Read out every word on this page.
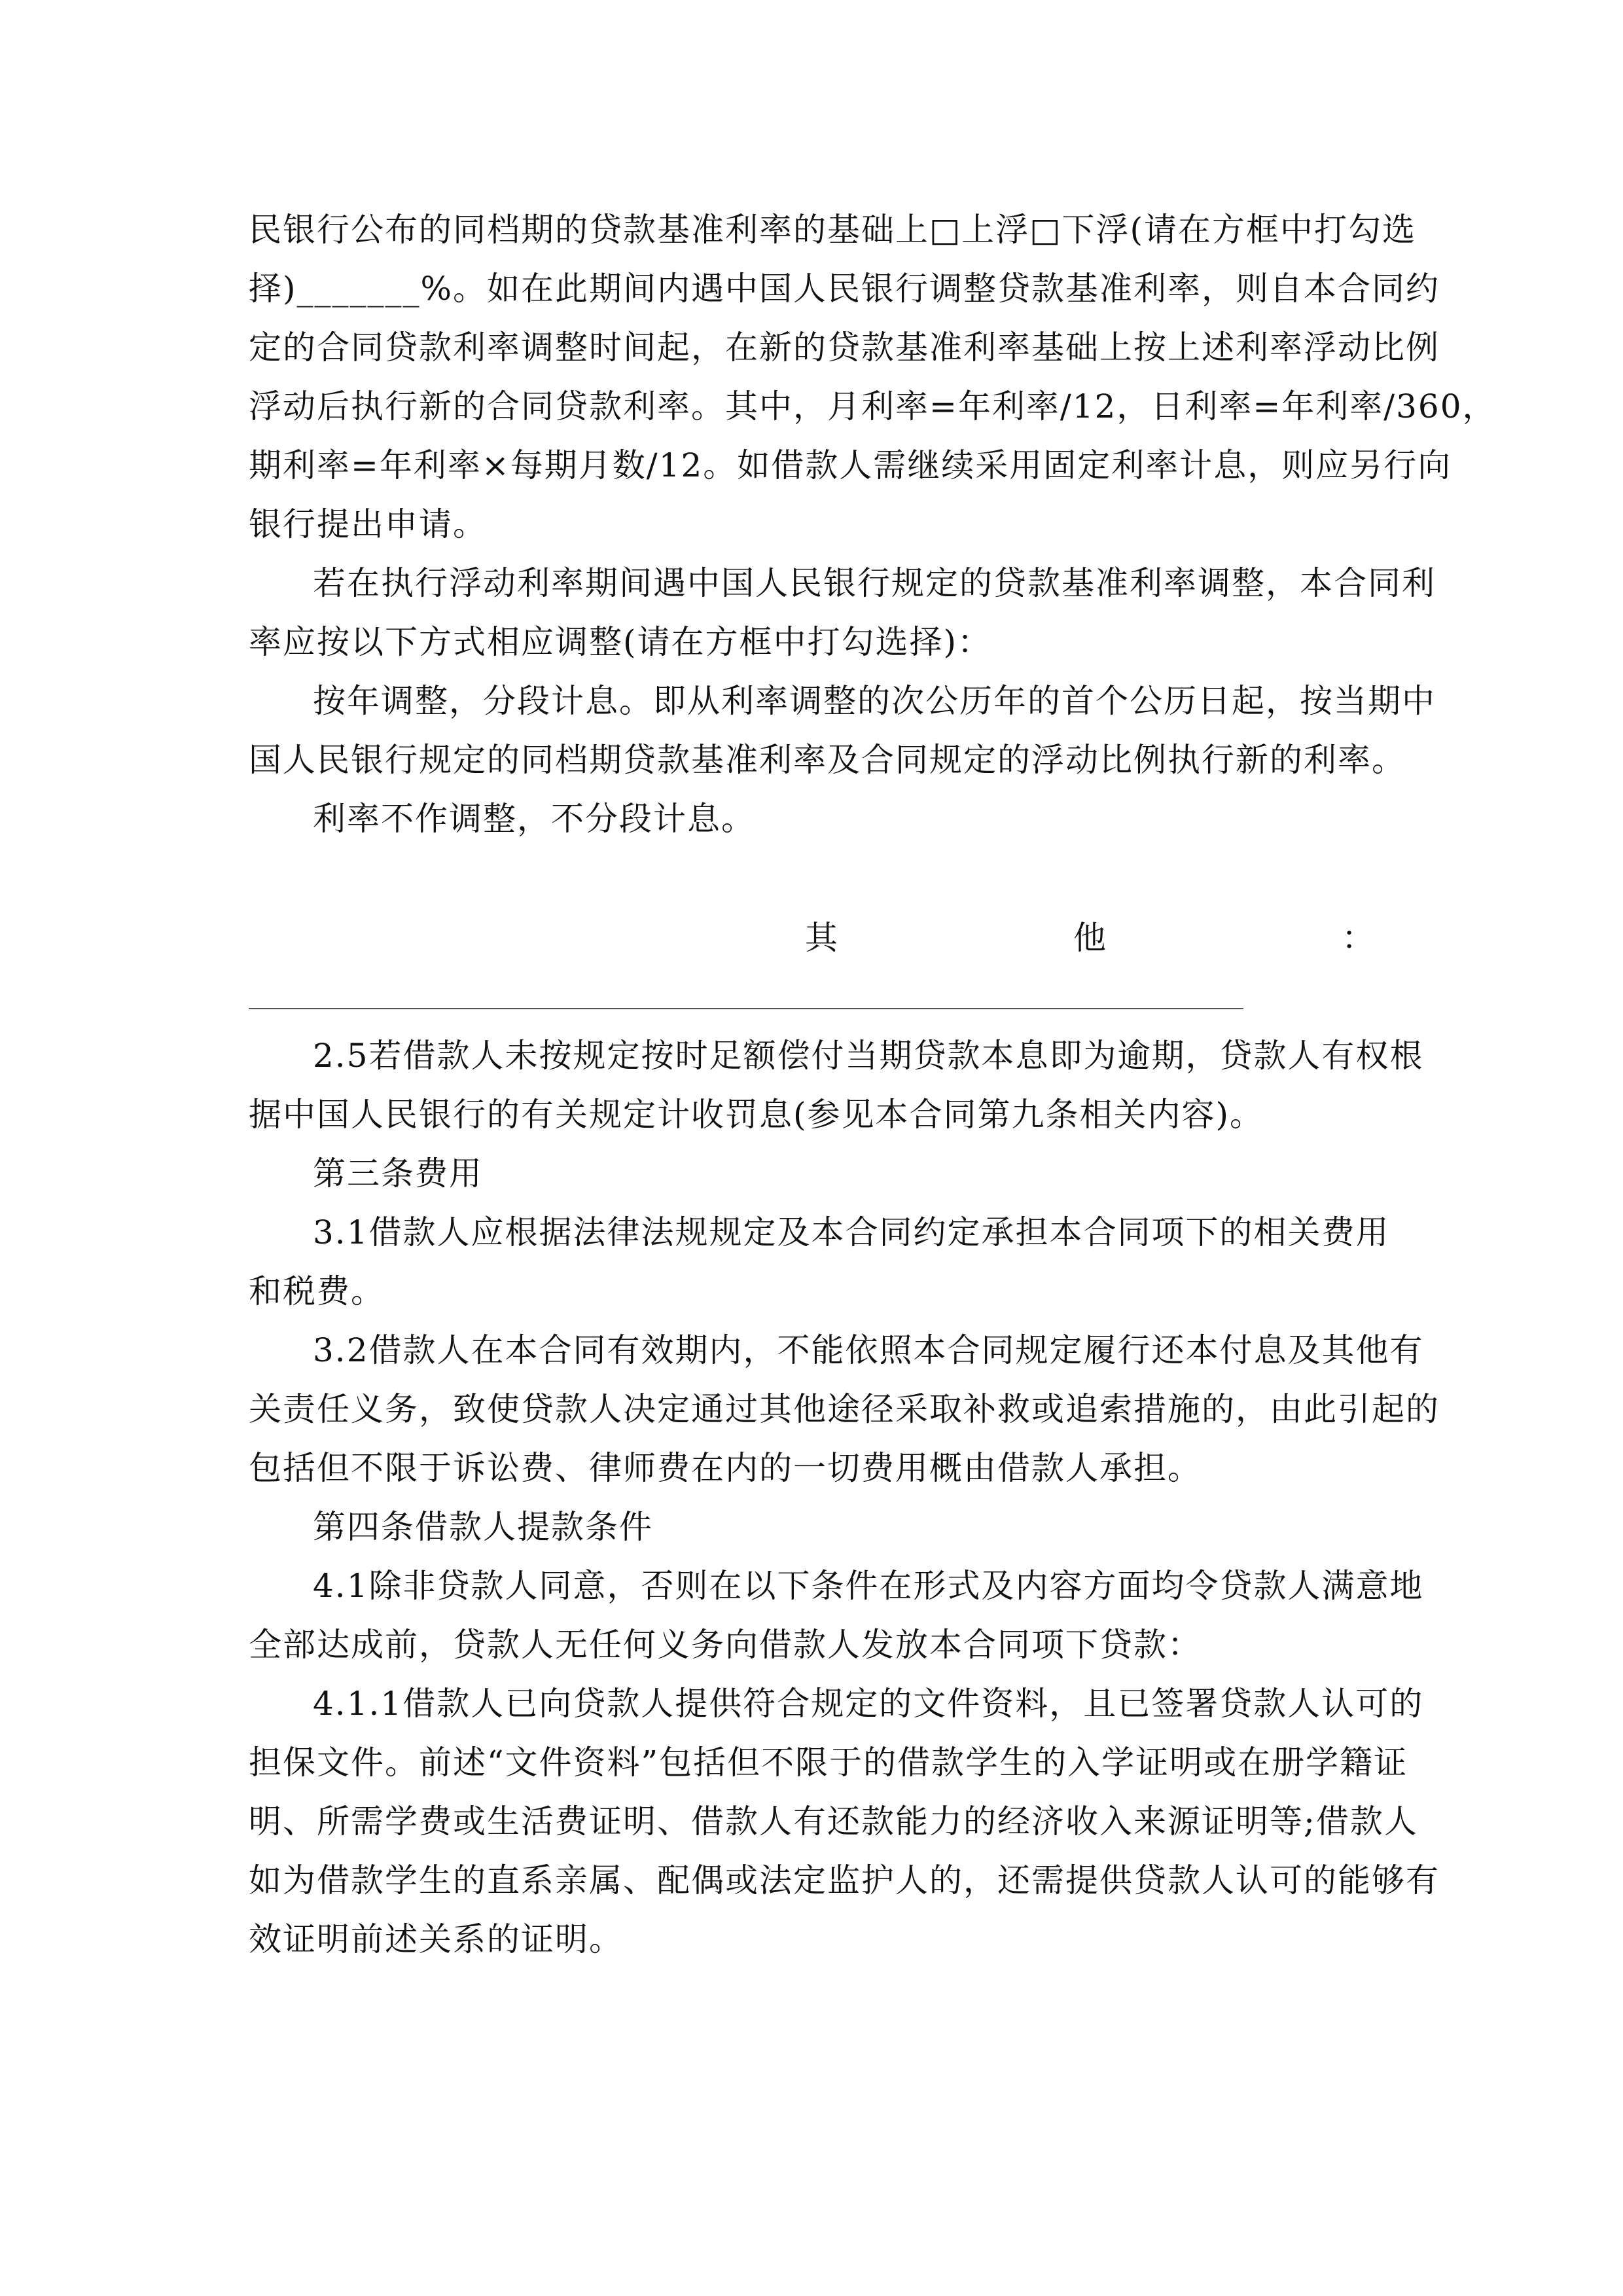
民银行公布的同档期的贷款基准利率的基础上□上浮□下浮(请在方框中打勾选
择)_______%。如在此期间内遇中国人民银行调整贷款基准利率，则自本合同约
定的合同贷款利率调整时间起，在新的贷款基准利率基础上按上述利率浮动比例
浮动后执行新的合同贷款利率。其中，月利率=年利率/12，日利率=年利率/360，
期利率=年利率×每期月数/12。如借款人需继续采用固定利率计息，则应另行向
银行提出申请。
若在执行浮动利率期间遇中国人民银行规定的贷款基准利率调整，本合同利
率应按以下方式相应调整(请在方框中打勾选择)：
按年调整，分段计息。即从利率调整的次公历年的首个公历日起，按当期中
国人民银行规定的同档期贷款基准利率及合同规定的浮动比例执行新的利率。
利率不作调整，不分段计息。
其	他	：
2.5若借款人未按规定按时足额偿付当期贷款本息即为逾期，贷款人有权根
据中国人民银行的有关规定计收罚息(参见本合同第九条相关内容)。
第三条费用
3.1借款人应根据法律法规规定及本合同约定承担本合同项下的相关费用
和税费。
3.2借款人在本合同有效期内，不能依照本合同规定履行还本付息及其他有
关责任义务，致使贷款人决定通过其他途径采取补救或追索措施的，由此引起的
包括但不限于诉讼费、律师费在内的一切费用概由借款人承担。
第四条借款人提款条件
4.1除非贷款人同意，否则在以下条件在形式及内容方面均令贷款人满意地
全部达成前，贷款人无任何义务向借款人发放本合同项下贷款：
4.1.1借款人已向贷款人提供符合规定的文件资料，且已签署贷款人认可的
担保文件。前述“文件资料”包括但不限于的借款学生的入学证明或在册学籍证
明、所需学费或生活费证明、借款人有还款能力的经济收入来源证明等;借款人
如为借款学生的直系亲属、配偶或法定监护人的，还需提供贷款人认可的能够有
效证明前述关系的证明。
